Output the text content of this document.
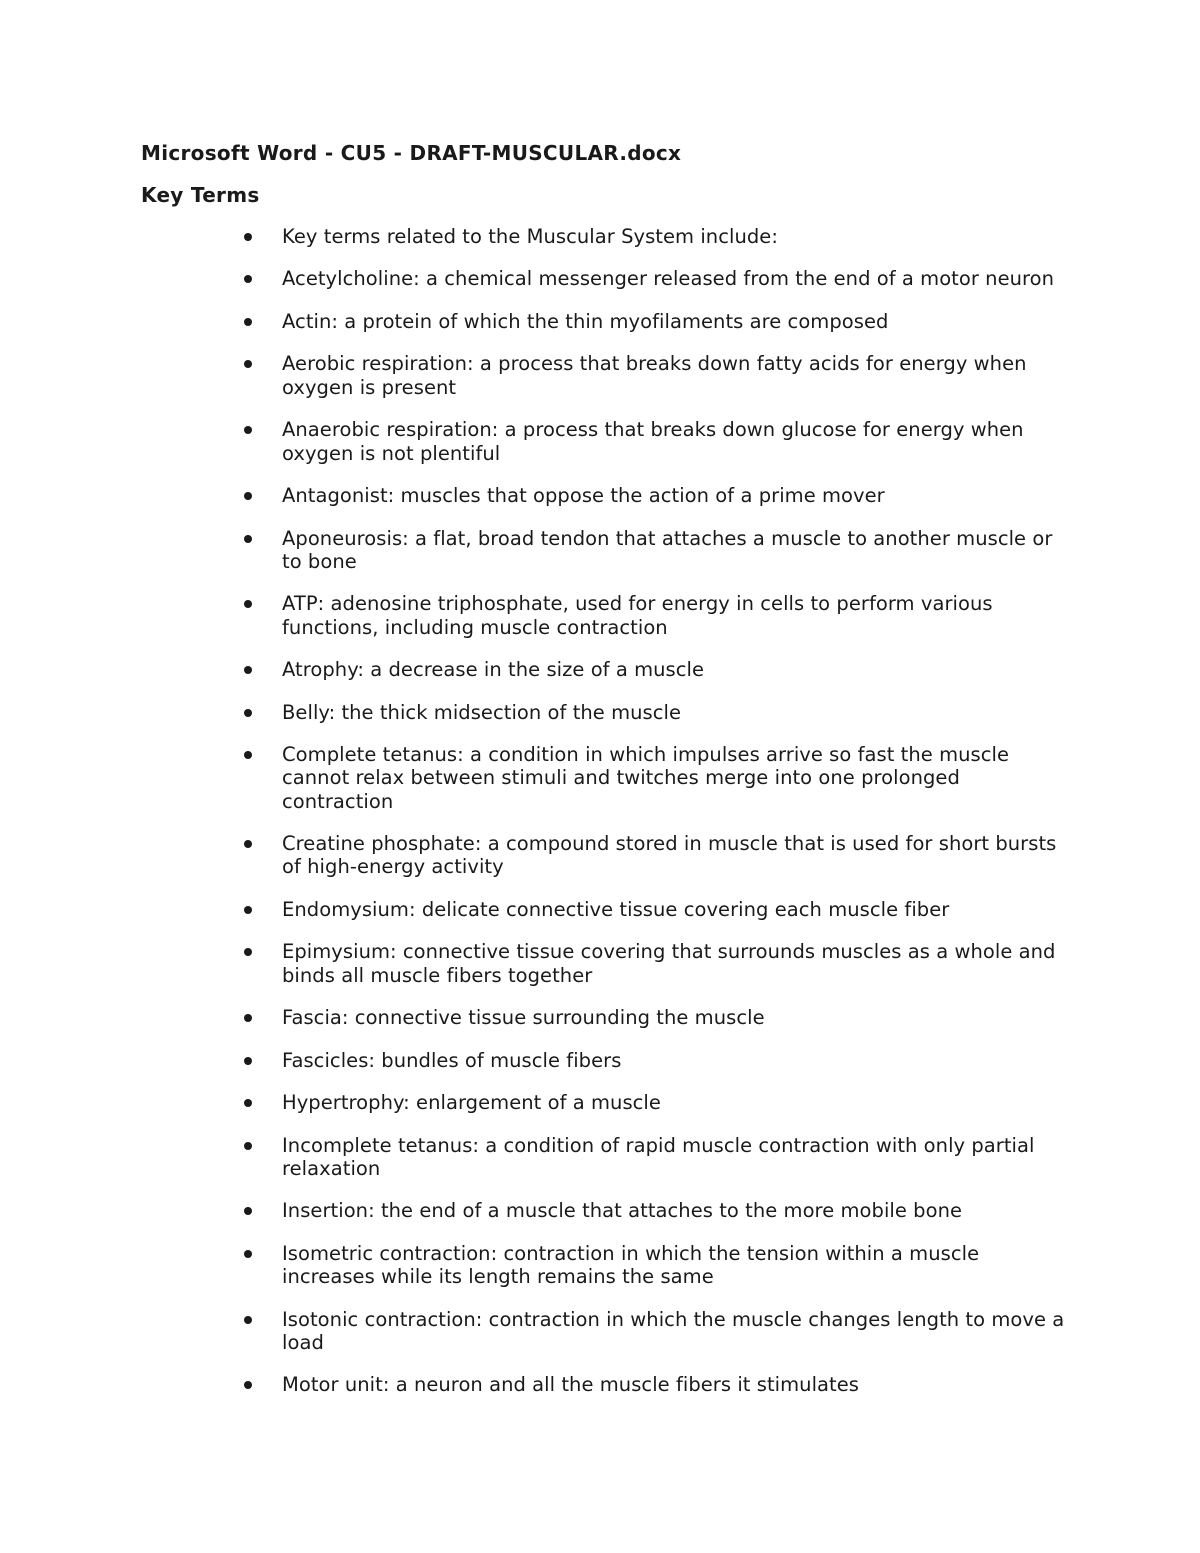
Microsoft Word - CU5 - DRAFT-MUSCULAR.docx
Key Terms
Key terms related to the Muscular System include:
Acetylcholine: a chemical messenger released from the end of a motor neuron
Actin: a protein of which the thin myofilaments are composed
Aerobic respiration: a process that breaks down fatty acids for energy when oxygen is present
Anaerobic respiration: a process that breaks down glucose for energy when oxygen is not plentiful
Antagonist: muscles that oppose the action of a prime mover
Aponeurosis: a flat, broad tendon that attaches a muscle to another muscle or to bone
ATP: adenosine triphosphate, used for energy in cells to perform various functions, including muscle contraction
Atrophy: a decrease in the size of a muscle
Belly: the thick midsection of the muscle
Complete tetanus: a condition in which impulses arrive so fast the muscle cannot relax between stimuli and twitches merge into one prolonged contraction
Creatine phosphate: a compound stored in muscle that is used for short bursts of high-energy activity
Endomysium: delicate connective tissue covering each muscle fiber
Epimysium: connective tissue covering that surrounds muscles as a whole and binds all muscle fibers together
Fascia: connective tissue surrounding the muscle
Fascicles: bundles of muscle fibers
Hypertrophy: enlargement of a muscle
Incomplete tetanus: a condition of rapid muscle contraction with only partial relaxation
Insertion: the end of a muscle that attaches to the more mobile bone
Isometric contraction: contraction in which the tension within a muscle increases while its length remains the same
Isotonic contraction: contraction in which the muscle changes length to move a load
Motor unit: a neuron and all the muscle fibers it stimulates
